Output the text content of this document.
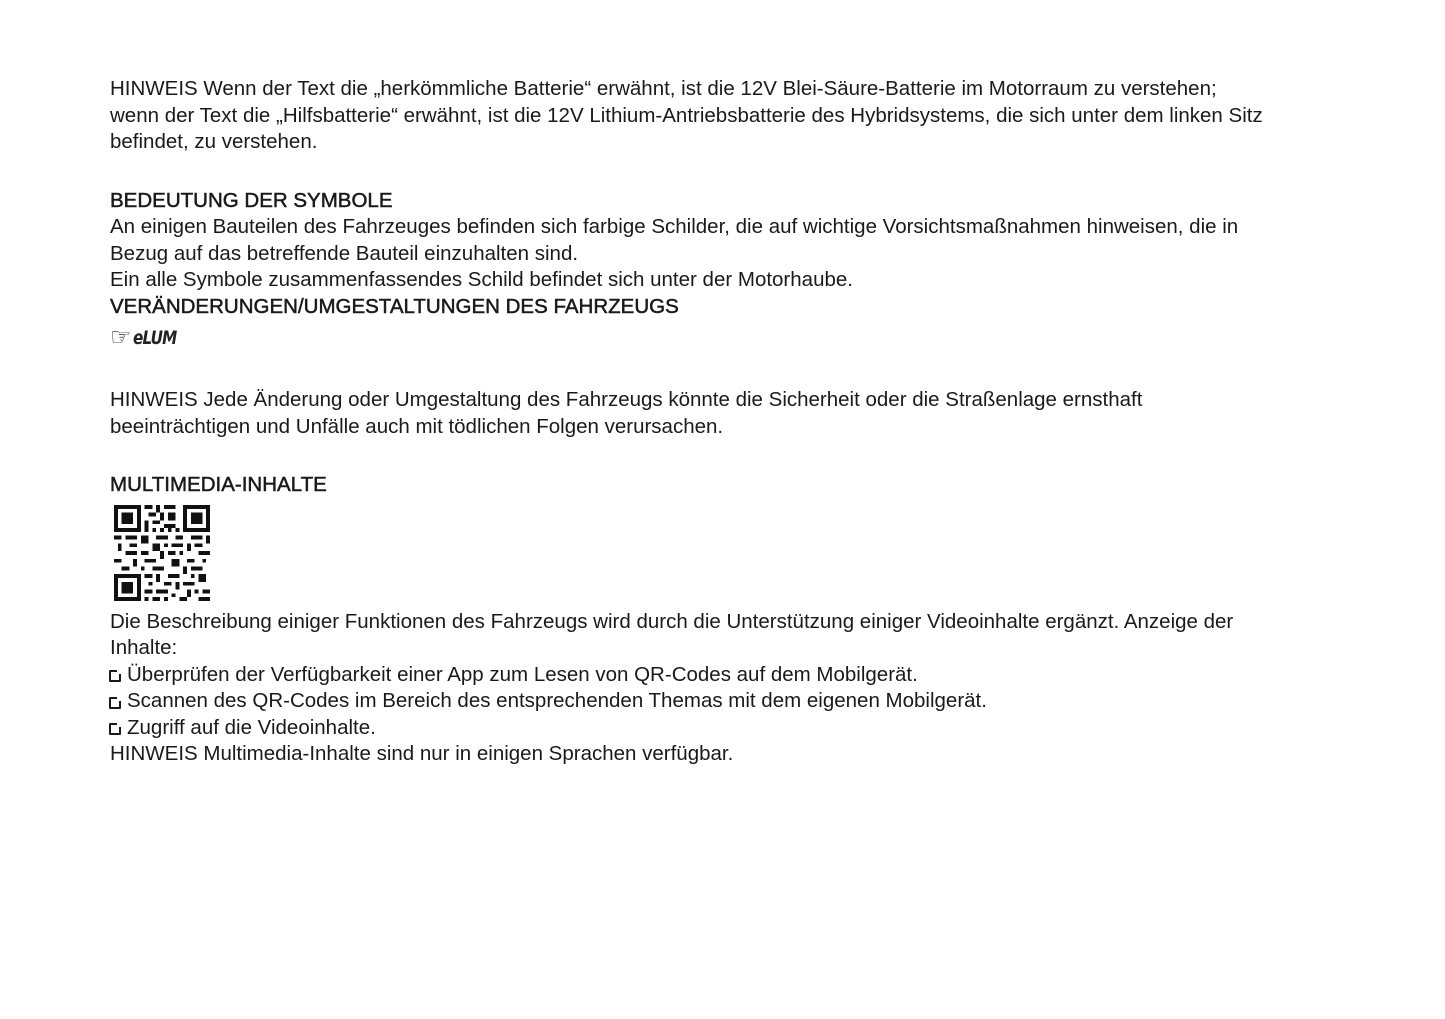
HINWEIS Wenn der Text die „herkömmliche Batterie“ erwähnt, ist die 12V Blei-Säure-Batterie im Motorraum zu verstehen;

wenn der Text die „Hilfsbatterie“ erwähnt, ist die 12V Lithium-Antriebsbatterie des Hybridsystems, die sich unter dem linken Sitz

befindet, zu verstehen.

BEDEUTUNG DER SYMBOLE

An einigen Bauteilen des Fahrzeuges befinden sich farbige Schilder, die auf wichtige Vorsichtsmaßnahmen hinweisen, die in

Bezug auf das betreffende Bauteil einzuhalten sind.

Ein alle Symbole zusammenfassendes Schild befindet sich unter der Motorhaube.

VERÄNDERUNGEN/UMGESTALTUNGEN DES FAHRZEUGS
☞ eLUM

HINWEIS Jede Änderung oder Umgestaltung des Fahrzeugs könnte die Sicherheit oder die Straßenlage ernsthaft

beeinträchtigen und Unfälle auch mit tödlichen Folgen verursachen.

MULTIMEDIA-INHALTE

Die Beschreibung einiger Funktionen des Fahrzeugs wird durch die Unterstützung einiger Videoinhalte ergänzt. Anzeige der

Inhalte:

Überprüfen der Verfügbarkeit einer App zum Lesen von QR-Codes auf dem Mobilgerät.
Scannen des QR-Codes im Bereich des entsprechenden Themas mit dem eigenen Mobilgerät.
Zugriff auf die Videoinhalte.

HINWEIS Multimedia-Inhalte sind nur in einigen Sprachen verfügbar.
